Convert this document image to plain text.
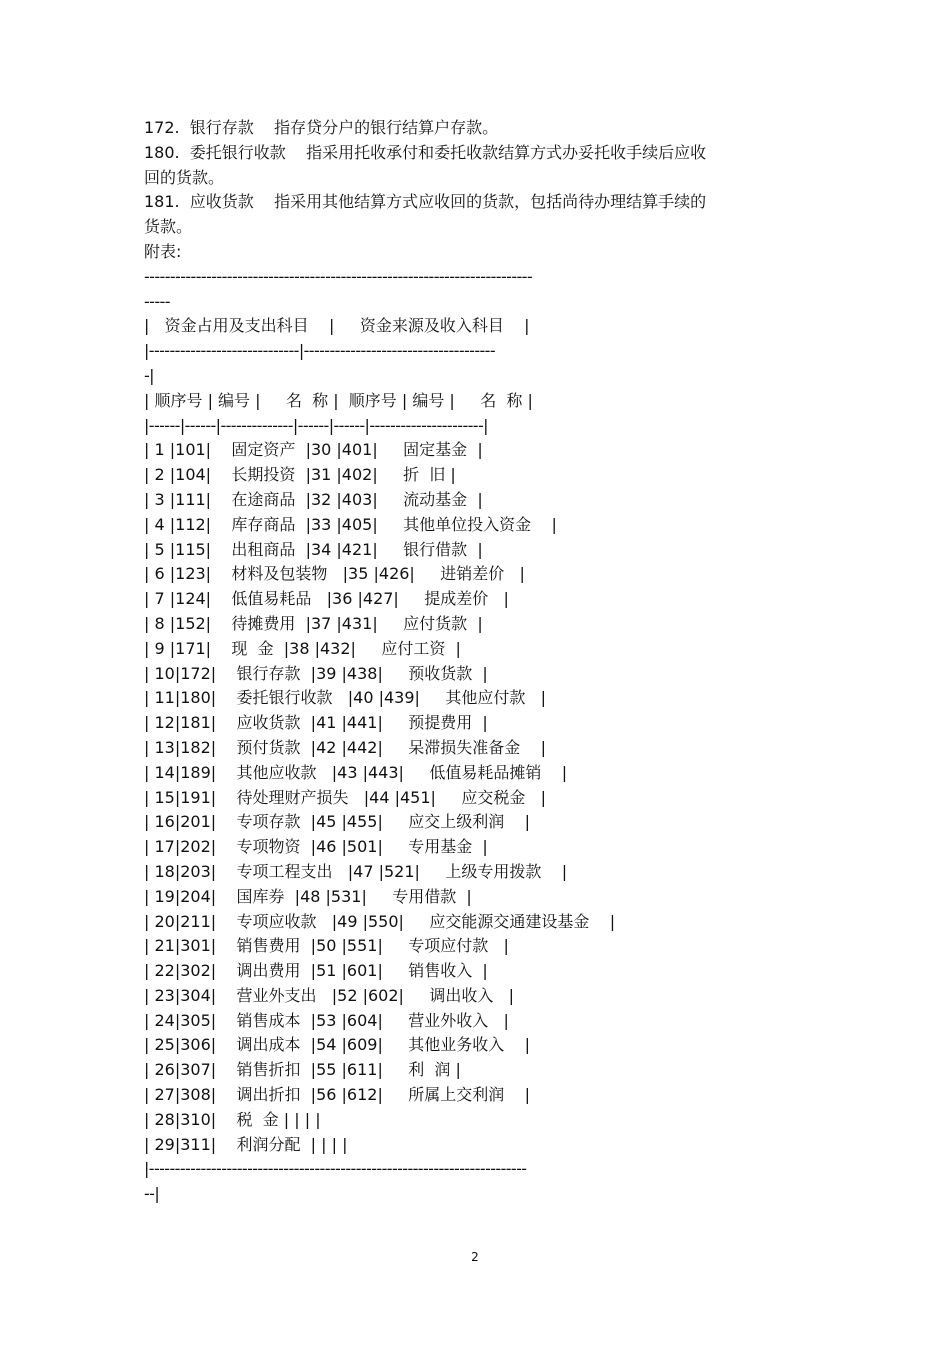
172.  银行存款    指存贷分户的银行结算户存款。
180.  委托银行收款    指采用托收承付和委托收款结算方式办妥托收手续后应收
回的货款。
181.  应收货款    指采用其他结算方式应收回的货款，包括尚待办理结算手续的
货款。
附表:
---------------------------------------------------------------------------
-----
|   资金占用及支出科目    |     资金来源及收入科目    |
|-----------------------------|-------------------------------------
-|
| 顺序号 | 编号 |     名  称 |  顺序号 | 编号 |     名  称 |
|------|------|--------------|------|------|----------------------|
| 1 |101|    固定资产  |30 |401|     固定基金  |
| 2 |104|    长期投资  |31 |402|     折  旧 |
| 3 |111|    在途商品  |32 |403|     流动基金  |
| 4 |112|    库存商品  |33 |405|     其他单位投入资金    |
| 5 |115|    出租商品  |34 |421|     银行借款  |
| 6 |123|    材料及包装物   |35 |426|     进销差价   |
| 7 |124|    低值易耗品   |36 |427|     提成差价   |
| 8 |152|    待摊费用  |37 |431|     应付货款  |
| 9 |171|    现  金  |38 |432|     应付工资  |
| 10|172|    银行存款  |39 |438|     预收货款  |
| 11|180|    委托银行收款   |40 |439|     其他应付款   |
| 12|181|    应收货款  |41 |441|     预提费用  |
| 13|182|    预付货款  |42 |442|     呆滞损失准备金    |
| 14|189|    其他应收款   |43 |443|     低值易耗品摊销    |
| 15|191|    待处理财产损失   |44 |451|     应交税金   |
| 16|201|    专项存款  |45 |455|     应交上级利润    |
| 17|202|    专项物资  |46 |501|     专用基金  |
| 18|203|    专项工程支出   |47 |521|     上级专用拨款    |
| 19|204|    国库券  |48 |531|     专用借款  |
| 20|211|    专项应收款   |49 |550|     应交能源交通建设基金    |
| 21|301|    销售费用  |50 |551|     专项应付款   |
| 22|302|    调出费用  |51 |601|     销售收入  |
| 23|304|    营业外支出   |52 |602|     调出收入   |
| 24|305|    销售成本  |53 |604|     营业外收入   |
| 25|306|    调出成本  |54 |609|     其他业务收入    |
| 26|307|    销售折扣  |55 |611|     利  润 |
| 27|308|    调出折扣  |56 |612|     所属上交利润    |
| 28|310|    税  金 | | | |
| 29|311|    利润分配  | | | |
|-------------------------------------------------------------------------
--|
2
